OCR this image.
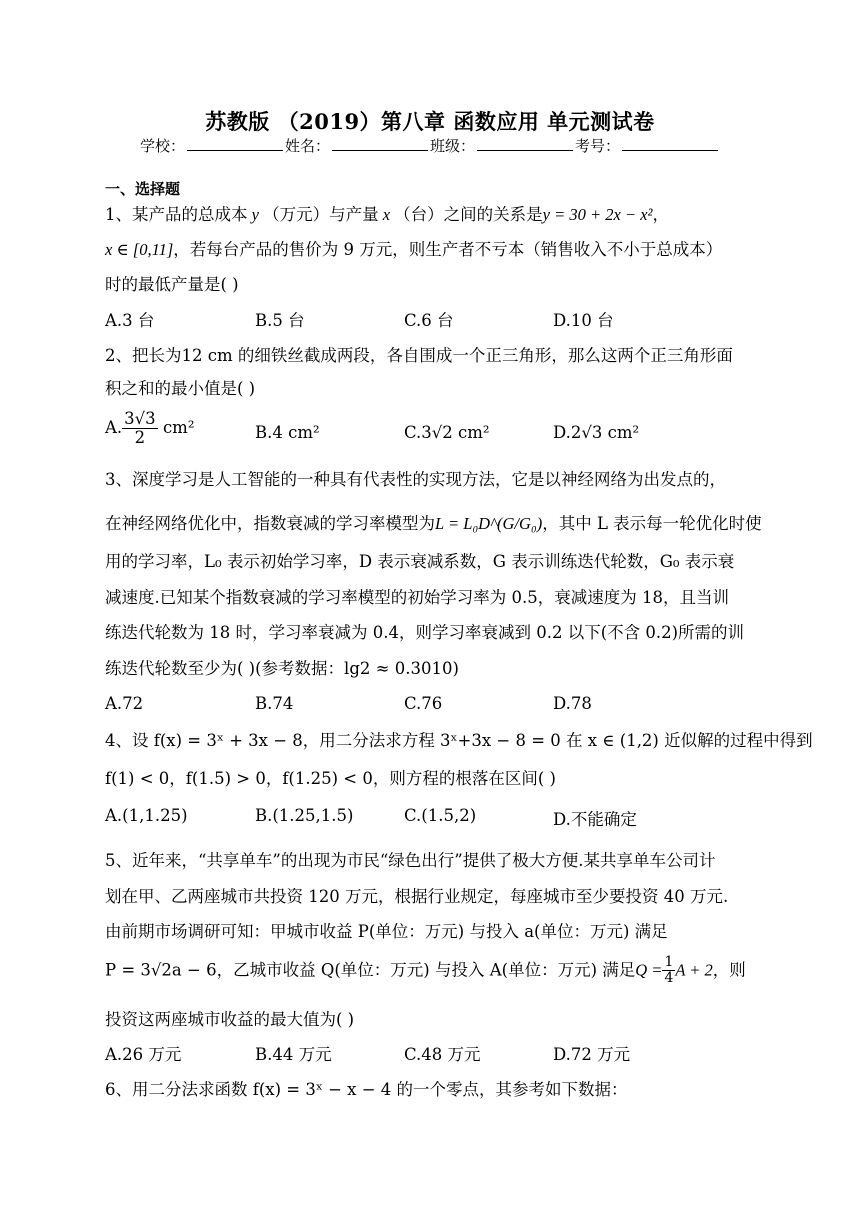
苏教版 （2019）第八章 函数应用 单元测试卷
学校：	姓名：	班级：	考号：
一、选择题
1、某产品的总成本 y （万元）与产量 x （台）之间的关系是y = 30 + 2x − x²，
x ∈ [0,11]，若每台产品的售价为 9 万元，则生产者不亏本（销售收入不小于总成本）
时的最低产量是( )
A.3 台	B.5 台	C.6 台	D.10 台
2、把长为12 cm 的细铁丝截成两段，各自围成一个正三角形，那么这两个正三角形面
积之和的最小值是( )
A. $\frac{3√3}{2} cm^2$	B.4 cm²	C.3√2 cm²	D.2√3 cm²
3、深度学习是人工智能的一种具有代表性的实现方法，它是以神经网络为出发点的，
在神经网络优化中，指数衰减的学习率模型为L = L₀D^(G/G₀)，其中 L 表示每一轮优化时使
用的学习率，L₀ 表示初始学习率，D 表示衰减系数，G 表示训练迭代轮数，G₀ 表示衰
减速度.已知某个指数衰减的学习率模型的初始学习率为 0.5，衰减速度为 18，且当训
练迭代轮数为 18 时，学习率衰减为 0.4，则学习率衰减到 0.2 以下(不含 0.2)所需的训
练迭代轮数至少为( )(参考数据：lg2 ≈ 0.3010)
A.72	B.74	C.76	D.78
4、设 f(x) = 3ˣ + 3x − 8，用二分法求方程 3ˣ+3x − 8 = 0 在 x ∈ (1,2) 近似解的过程中得到
f(1) < 0，f(1.5) > 0，f(1.25) < 0，则方程的根落在区间( )
A.(1,1.25)	B.(1.25,1.5)	C.(1.5,2)	D.不能确定
5、近年来，“共享单车”的出现为市民“绿色出行”提供了极大方便.某共享单车公司计
划在甲、乙两座城市共投资 120 万元，根据行业规定，每座城市至少要投资 40 万元.
由前期市场调研可知：甲城市收益 P(单位：万元) 与投入 a(单位：万元) 满足
P = 3√2a − 6，乙城市收益 Q(单位：万元) 与投入 A(单位：万元) 满足$Q = \frac{1}{4}$ A + 2，则
投资这两座城市收益的最大值为( )
A.26 万元	B.44 万元	C.48 万元	D.72 万元
6、用二分法求函数 f(x) = 3ˣ − x − 4 的一个零点，其参考如下数据：
